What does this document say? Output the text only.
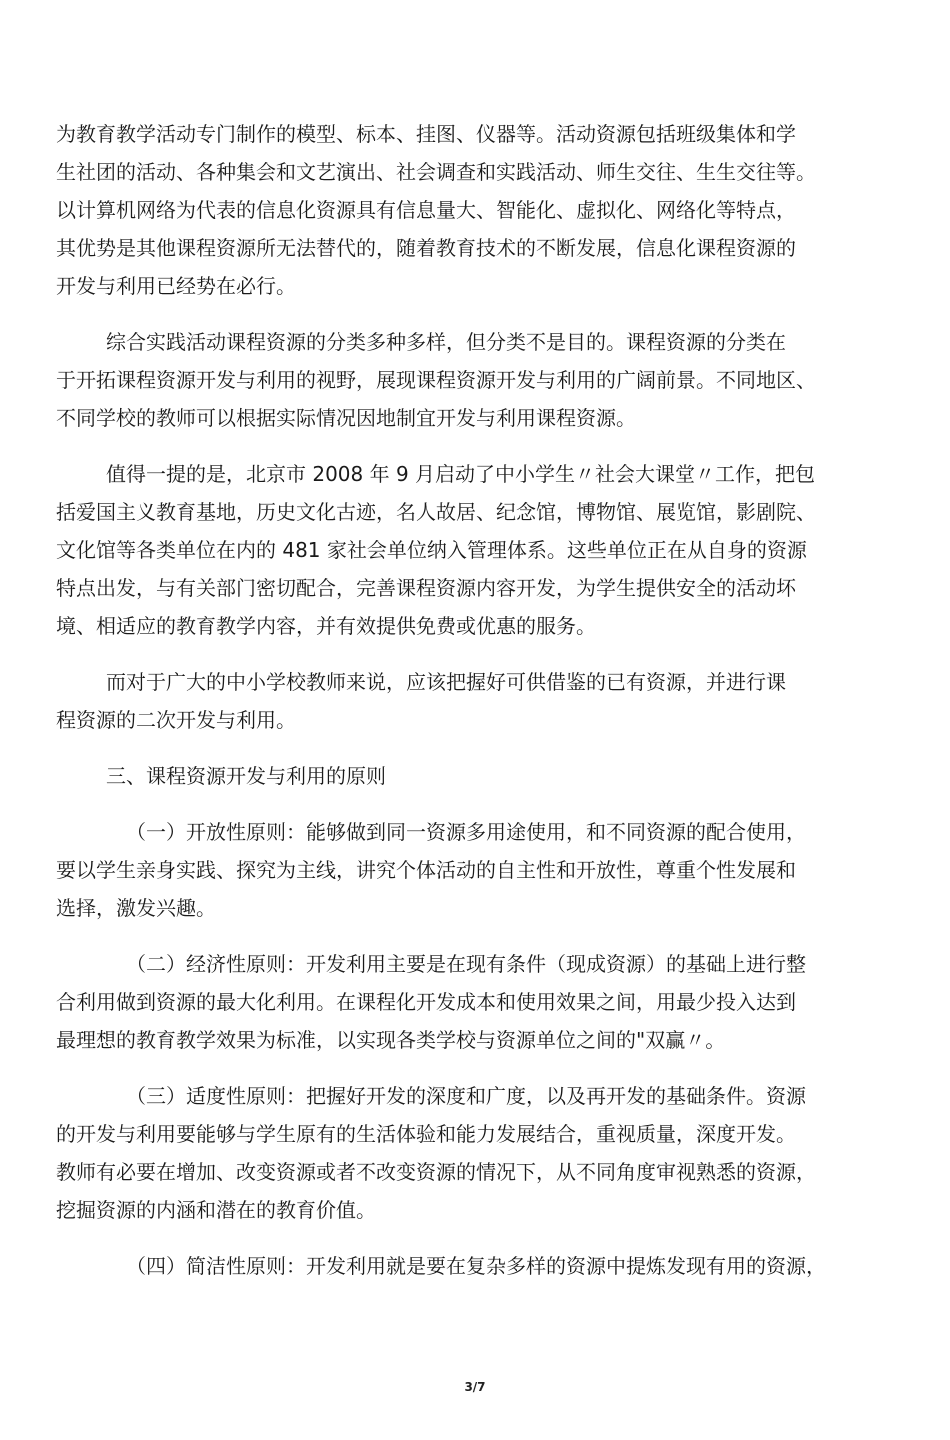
为教育教学活动专门制作的模型、标本、挂图、仪器等。活动资源包括班级集体和学
生社团的活动、各种集会和文艺演出、社会调查和实践活动、师生交往、生生交往等。
以计算机网络为代表的信息化资源具有信息量大、智能化、虚拟化、网络化等特点，
其优势是其他课程资源所无法替代的，随着教育技术的不断发展，信息化课程资源的
开发与利用已经势在必行。
综合实践活动课程资源的分类多种多样，但分类不是目的。课程资源的分类在
于开拓课程资源开发与利用的视野，展现课程资源开发与利用的广阔前景。不同地区、
不同学校的教师可以根据实际情况因地制宜开发与利用课程资源。
值得一提的是，北京市 2008 年 9 月启动了中小学生〃社会大课堂〃工作，把包
括爱国主义教育基地，历史文化古迹，名人故居、纪念馆，博物馆、展览馆，影剧院、
文化馆等各类单位在内的 481 家社会单位纳入管理体系。这些单位正在从自身的资源
特点出发，与有关部门密切配合，完善课程资源内容开发，为学生提供安全的活动坏
境、相适应的教育教学内容，并有效提供免费或优惠的服务。
而对于广大的中小学校教师来说，应该把握好可供借鉴的已有资源，并进行课
程资源的二次开发与利用。
三、课程资源开发与利用的原则
（一）开放性原则：能够做到同一资源多用途使用，和不同资源的配合使用，
要以学生亲身实践、探究为主线，讲究个体活动的自主性和开放性，尊重个性发展和
选择，激发兴趣。
（二）经济性原则：开发利用主要是在现有条件（现成资源）的基础上进行整
合利用做到资源的最大化利用。在课程化开发成本和使用效果之间，用最少投入达到
最理想的教育教学效果为标准，以实现各类学校与资源单位之间的"双赢〃。
（三）适度性原则：把握好开发的深度和广度，以及再开发的基础条件。资源
的开发与利用要能够与学生原有的生活体验和能力发展结合，重视质量，深度开发。
教师有必要在增加、改变资源或者不改变资源的情况下，从不同角度审视熟悉的资源，
挖掘资源的内涵和潜在的教育价值。
（四）简洁性原则：开发利用就是要在复杂多样的资源中提炼发现有用的资源，
3/7
